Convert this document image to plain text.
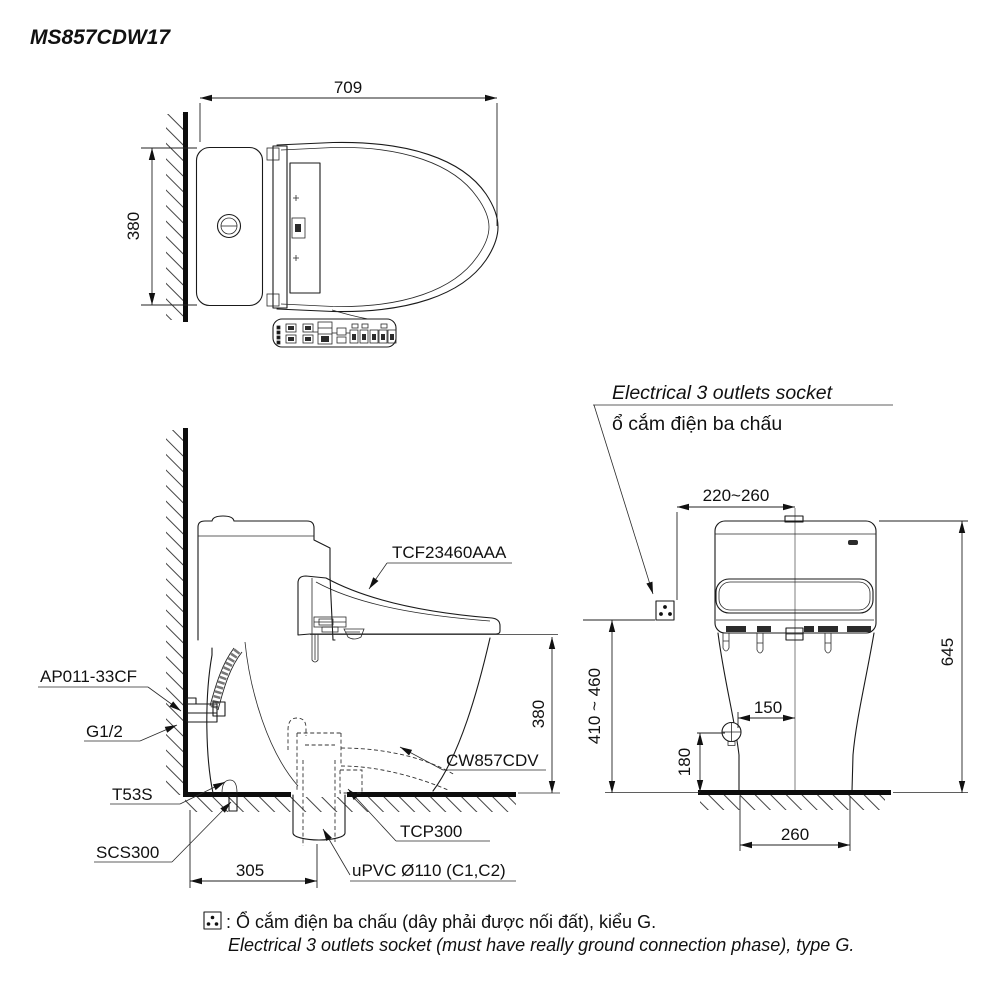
MS857CDW17
709
380
380
305
TCF23460AAA
AP011-33CF
G1/2
T53S
SCS300
TCP300
uPVC Ø110 (C1,C2)
CW857CDV
Electrical 3 outlets socket
ổ cắm điện ba chấu
220~260
645
410 ~ 460	150
180
260
: Ổ cắm điện ba chấu (dây phải được nối đất), kiểu G.
Electrical 3 outlets socket (must have really ground connection phase), type G.
